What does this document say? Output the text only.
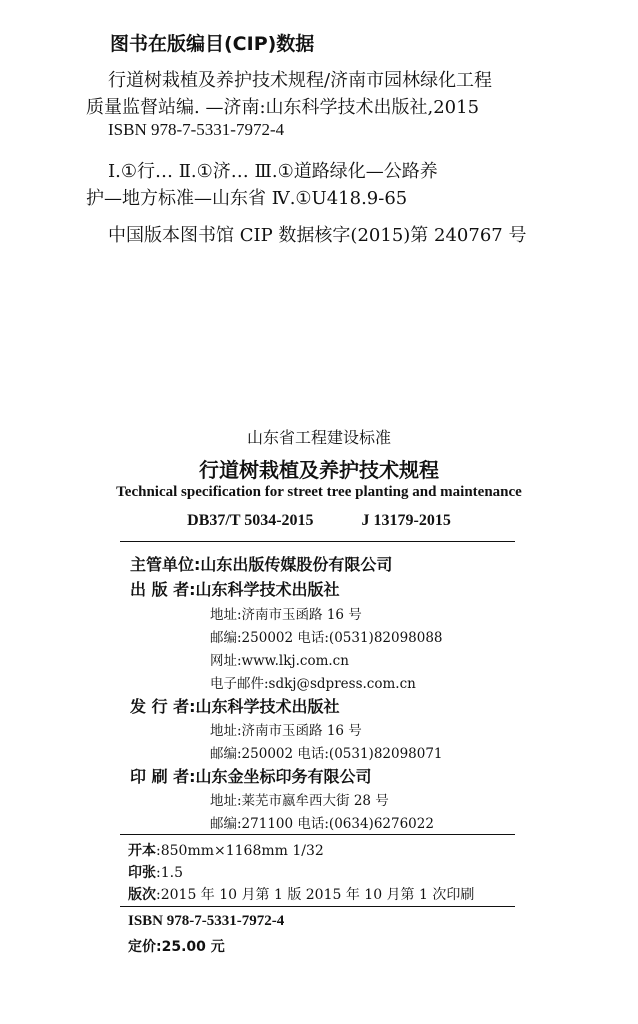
图书在版编目(CIP)数据
行道树栽植及养护技术规程/济南市园林绿化工程
质量监督站编. —济南:山东科学技术出版社,2015
ISBN 978-7-5331-7972-4
Ⅰ.①行… Ⅱ.①济… Ⅲ.①道路绿化—公路养
护—地方标准—山东省 Ⅳ.①U418.9-65
中国版本图书馆 CIP 数据核字(2015)第 240767 号
山东省工程建设标准
行道树栽植及养护技术规程
Technical specification for street tree planting and maintenance
DB37/T 5034-2015	J 13179-2015
主管单位:山东出版传媒股份有限公司
出 版 者:山东科学技术出版社
地址:济南市玉函路 16 号
邮编:250002 电话:(0531)82098088
网址:www.lkj.com.cn
电子邮件:sdkj@sdpress.com.cn
发 行 者:山东科学技术出版社
地址:济南市玉函路 16 号
邮编:250002 电话:(0531)82098071
印 刷 者:山东金坐标印务有限公司
地址:莱芜市嬴牟西大街 28 号
邮编:271100 电话:(0634)6276022
开本:850mm×1168mm 1/32
印张:1.5
版次:2015 年 10 月第 1 版 2015 年 10 月第 1 次印刷
ISBN 978-7-5331-7972-4
定价:25.00 元
